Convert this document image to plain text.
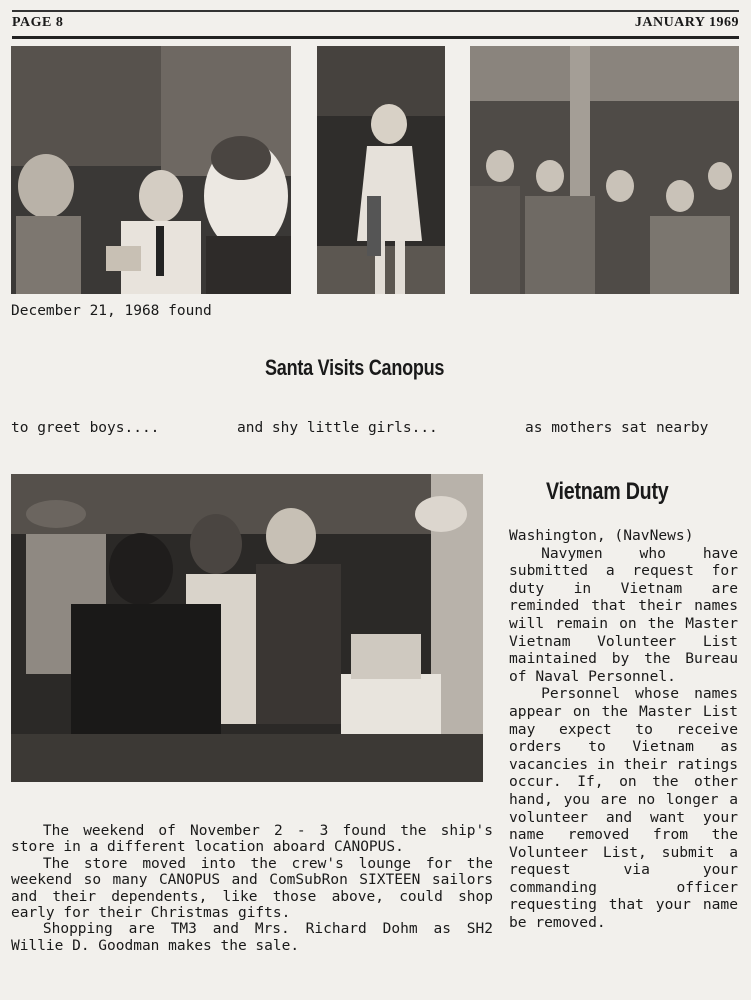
PAGE 8	JANUARY 1969
December 21, 1968 found
Santa Visits Canopus
to greet boys....	and shy little girls...	as mothers sat nearby
Vietnam Duty

Washington, (NavNews)

Navymen who have submitted a request for duty in Vietnam are reminded that their names will remain on the Master Vietnam Volunteer List maintained by the Bureau of Naval Personnel.

Personnel whose names appear on the Master List may expect to receive orders to Vietnam as vacancies in their ratings occur. If, on the other hand, you are no longer a volunteer and want your name removed from the Volunteer List, submit a request via your commanding officer requesting that your name be removed.

The weekend of November 2 - 3 found the ship's store in a different location aboard CANOPUS.

The store moved into the crew's lounge for the weekend so many CANOPUS and ComSubRon SIXTEEN sailors and their dependents, like those above, could shop early for their Christmas gifts.

Shopping are TM3 and Mrs. Richard Dohm as SH2 Willie D. Goodman makes the sale.
